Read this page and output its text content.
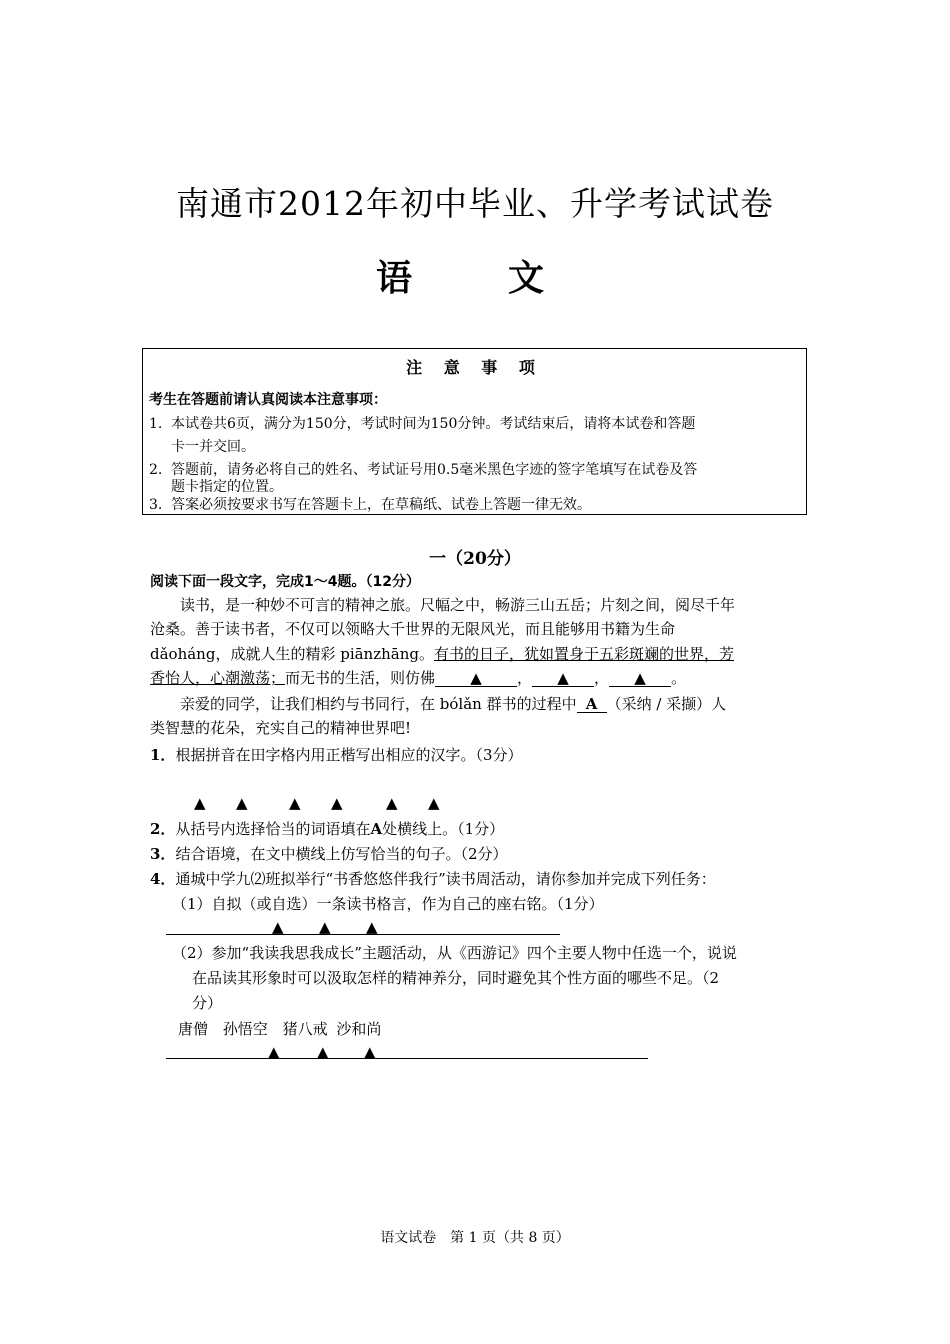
南通市2012年初中毕业、升学考试试卷
语　文
注 意 事 项
考生在答题前请认真阅读本注意事项：
1. 本试卷共6页，满分为150分，考试时间为150分钟。考试结束后，请将本试卷和答题
卡一并交回。
2. 答题前，请务必将自己的姓名、考试证号用0.5毫米黑色字迹的签字笔填写在试卷及答
题卡指定的位置。
3. 答案必须按要求书写在答题卡上，在草稿纸、试卷上答题一律无效。
一（20分）
阅读下面一段文字，完成1～4题。（12分）
读书，是一种妙不可言的精神之旅。尺幅之中，畅游三山五岳；片刻之间，阅尽千年
沧桑。善于读书者，不仅可以领略大千世界的无限风光，而且能够用书籍为生命
dǎoháng，成就人生的精彩 piānzhāng。有书的日子，犹如置身于五彩斑斓的世界，芳
香怡人，心潮激荡；而无书的生活，则仿佛 ▲ ， ▲ ， ▲ 。
亲爱的同学，让我们相约与书同行，在 bólǎn 群书的过程中 A （采纳 / 采撷）人
类智慧的花朵，充实自己的精神世界吧!
1．根据拼音在田字格内用正楷写出相应的汉字。（3分）
▲ ▲	▲ ▲	▲ ▲
2．从括号内选择恰当的词语填在A处横线上。（1分）
3．结合语境，在文中横线上仿写恰当的句子。（2分）
4．通城中学九⑵班拟举行“书香悠悠伴我行”读书周活动，请你参加并完成下列任务：
（1）自拟（或自选）一条读书格言，作为自己的座右铭。（1分）
▲ ▲ ▲
（2）参加“我读我思我成长”主题活动，从《西游记》四个主要人物中任选一个，说说
在品读其形象时可以汲取怎样的精神养分，同时避免其个性方面的哪些不足。（2
分）
唐僧 孙悟空 猪八戒 沙和尚
▲ ▲ ▲
语文试卷　第 1 页（共 8 页）
